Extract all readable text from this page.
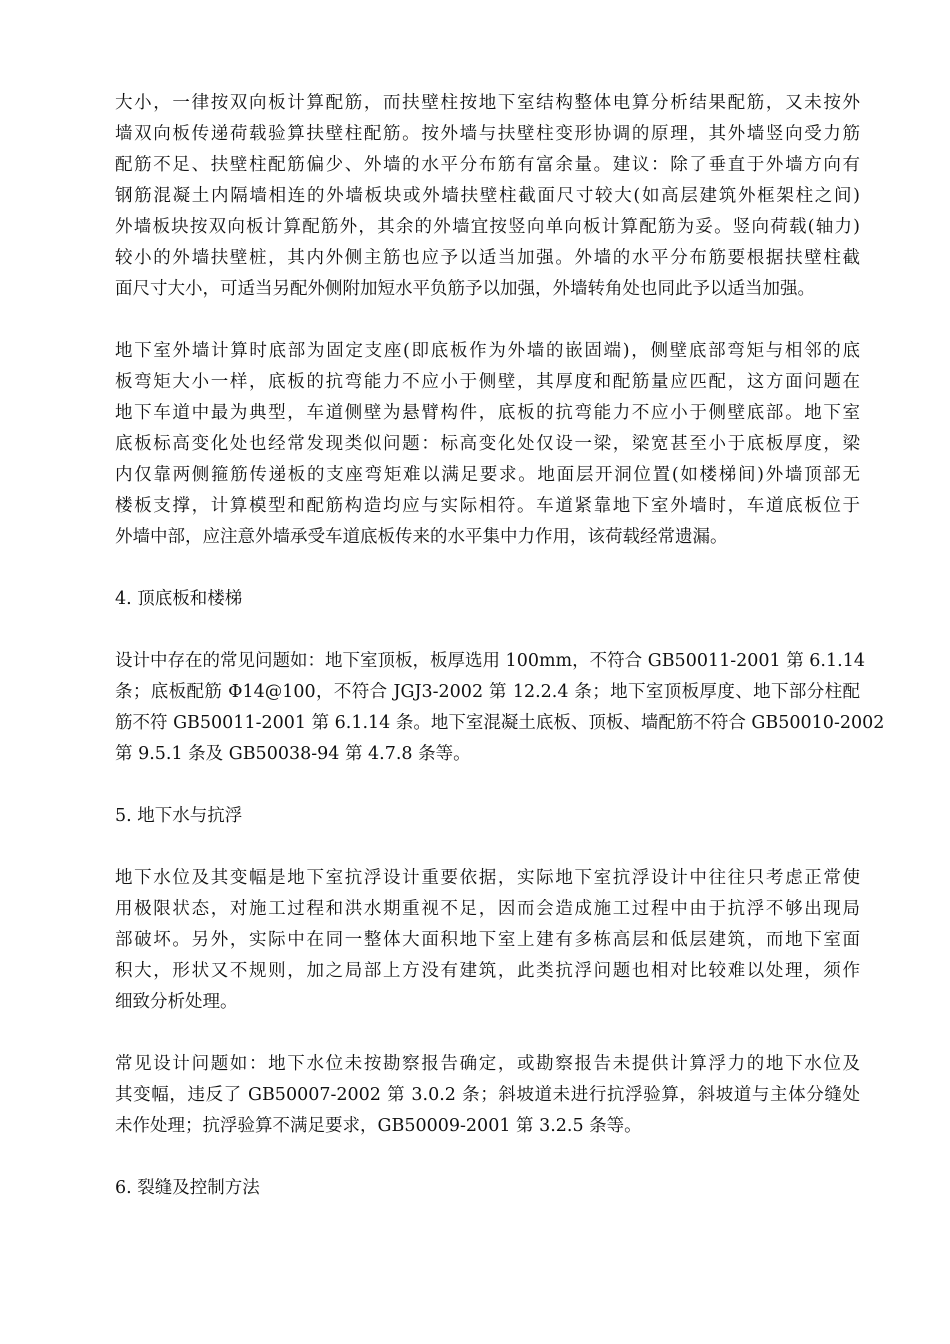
大小，一律按双向板计算配筋，而扶壁柱按地下室结构整体电算分析结果配筋，又未按外
墙双向板传递荷载验算扶壁柱配筋。按外墙与扶壁柱变形协调的原理，其外墙竖向受力筋
配筋不足、扶壁柱配筋偏少、外墙的水平分布筋有富余量。建议：除了垂直于外墙方向有
钢筋混凝土内隔墙相连的外墙板块或外墙扶壁柱截面尺寸较大(如高层建筑外框架柱之间)
外墙板块按双向板计算配筋外，其余的外墙宜按竖向单向板计算配筋为妥。竖向荷载(轴力)
较小的外墙扶壁桩，其内外侧主筋也应予以适当加强。外墙的水平分布筋要根据扶壁柱截
面尺寸大小，可适当另配外侧附加短水平负筋予以加强，外墙转角处也同此予以适当加强。
地下室外墙计算时底部为固定支座(即底板作为外墙的嵌固端)，侧壁底部弯矩与相邻的底
板弯矩大小一样，底板的抗弯能力不应小于侧壁，其厚度和配筋量应匹配，这方面问题在
地下车道中最为典型，车道侧壁为悬臂构件，底板的抗弯能力不应小于侧壁底部。地下室
底板标高变化处也经常发现类似问题：标高变化处仅设一梁，梁宽甚至小于底板厚度，梁
内仅靠两侧箍筋传递板的支座弯矩难以满足要求。地面层开洞位置(如楼梯间)外墙顶部无
楼板支撑，计算模型和配筋构造均应与实际相符。车道紧靠地下室外墙时，车道底板位于
外墙中部，应注意外墙承受车道底板传来的水平集中力作用，该荷载经常遗漏。
4. 顶底板和楼梯
设计中存在的常见问题如：地下室顶板，板厚选用 100mm，不符合 GB50011-2001 第 6.1.14
条；底板配筋 Φ14@100，不符合 JGJ3-2002 第 12.2.4 条；地下室顶板厚度、地下部分柱配
筋不符 GB50011-2001 第 6.1.14 条。地下室混凝土底板、顶板、墙配筋不符合 GB50010-2002
第 9.5.1 条及 GB50038-94 第 4.7.8 条等。
5. 地下水与抗浮
地下水位及其变幅是地下室抗浮设计重要依据，实际地下室抗浮设计中往往只考虑正常使
用极限状态，对施工过程和洪水期重视不足，因而会造成施工过程中由于抗浮不够出现局
部破坏。另外，实际中在同一整体大面积地下室上建有多栋高层和低层建筑，而地下室面
积大，形状又不规则，加之局部上方没有建筑，此类抗浮问题也相对比较难以处理，须作
细致分析处理。
常见设计问题如：地下水位未按勘察报告确定，或勘察报告未提供计算浮力的地下水位及
其变幅，违反了 GB50007-2002 第 3.0.2 条；斜坡道未进行抗浮验算，斜坡道与主体分缝处
未作处理；抗浮验算不满足要求，GB50009-2001 第 3.2.5 条等。
6. 裂缝及控制方法
